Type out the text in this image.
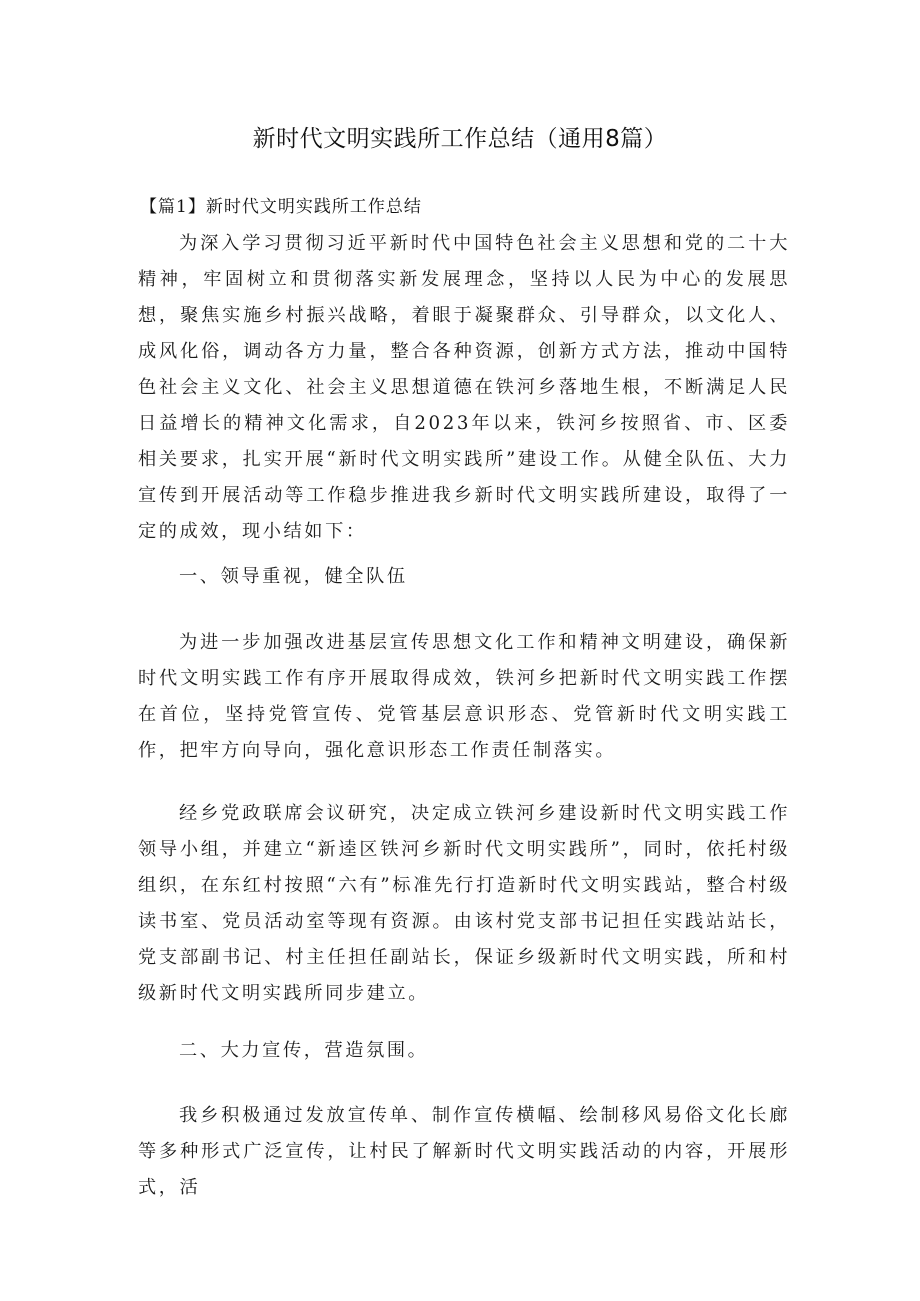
新时代文明实践所工作总结（通用8篇）
【篇1】新时代文明实践所工作总结

为深入学习贯彻习近平新时代中国特色社会主义思想和党的二十大精神，牢固树立和贯彻落实新发展理念，坚持以人民为中心的发展思想，聚焦实施乡村振兴战略，着眼于凝聚群众、引导群众，以文化人、成风化俗，调动各方力量，整合各种资源，创新方式方法，推动中国特色社会主义文化、社会主义思想道德在铁河乡落地生根，不断满足人民日益增长的精神文化需求，自2023年以来，铁河乡按照省、市、区委相关要求，扎实开展“新时代文明实践所”建设工作。从健全队伍、大力宣传到开展活动等工作稳步推进我乡新时代文明实践所建设，取得了一定的成效，现小结如下：

一、领导重视，健全队伍

为进一步加强改进基层宣传思想文化工作和精神文明建设，确保新时代文明实践工作有序开展取得成效，铁河乡把新时代文明实践工作摆在首位，坚持党管宣传、党管基层意识形态、党管新时代文明实践工作，把牢方向导向，强化意识形态工作责任制落实。

经乡党政联席会议研究，决定成立铁河乡建设新时代文明实践工作领导小组，并建立“新逵区铁河乡新时代文明实践所”，同时，依托村级组织，在东红村按照“六有”标准先行打造新时代文明实践站，整合村级读书室、党员活动室等现有资源。由该村党支部书记担任实践站站长，党支部副书记、村主任担任副站长，保证乡级新时代文明实践，所和村级新时代文明实践所同步建立。

二、大力宣传，营造氛围。

我乡积极通过发放宣传单、制作宣传横幅、绘制移风易俗文化长廊等多种形式广泛宣传，让村民了解新时代文明实践活动的内容，开展形式，活
